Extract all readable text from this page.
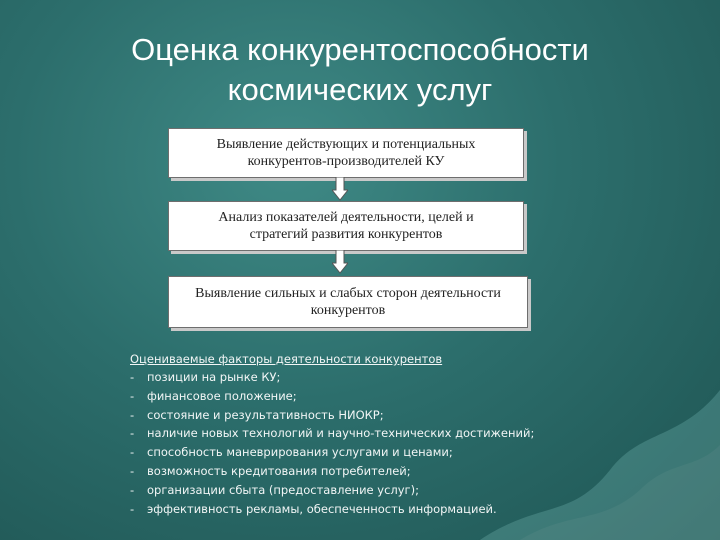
Оценка конкурентоспособности
космических услуг
Выявление действующих и потенциальных
конкурентов-производителей КУ
Анализ показателей деятельности, целей и
стратегий развития конкурентов
Выявление сильных и слабых сторон деятельности
конкурентов
Оцениваемые факторы деятельности конкурентов
- позиции на рынке КУ;
- финансовое положение;
- состояние и результативность НИОКР;
- наличие новых технологий и научно-технических достижений;
- способность маневрирования услугами и ценами;
- возможность кредитования потребителей;
- организации сбыта (предоставление услуг);
- эффективность рекламы, обеспеченность информацией.
